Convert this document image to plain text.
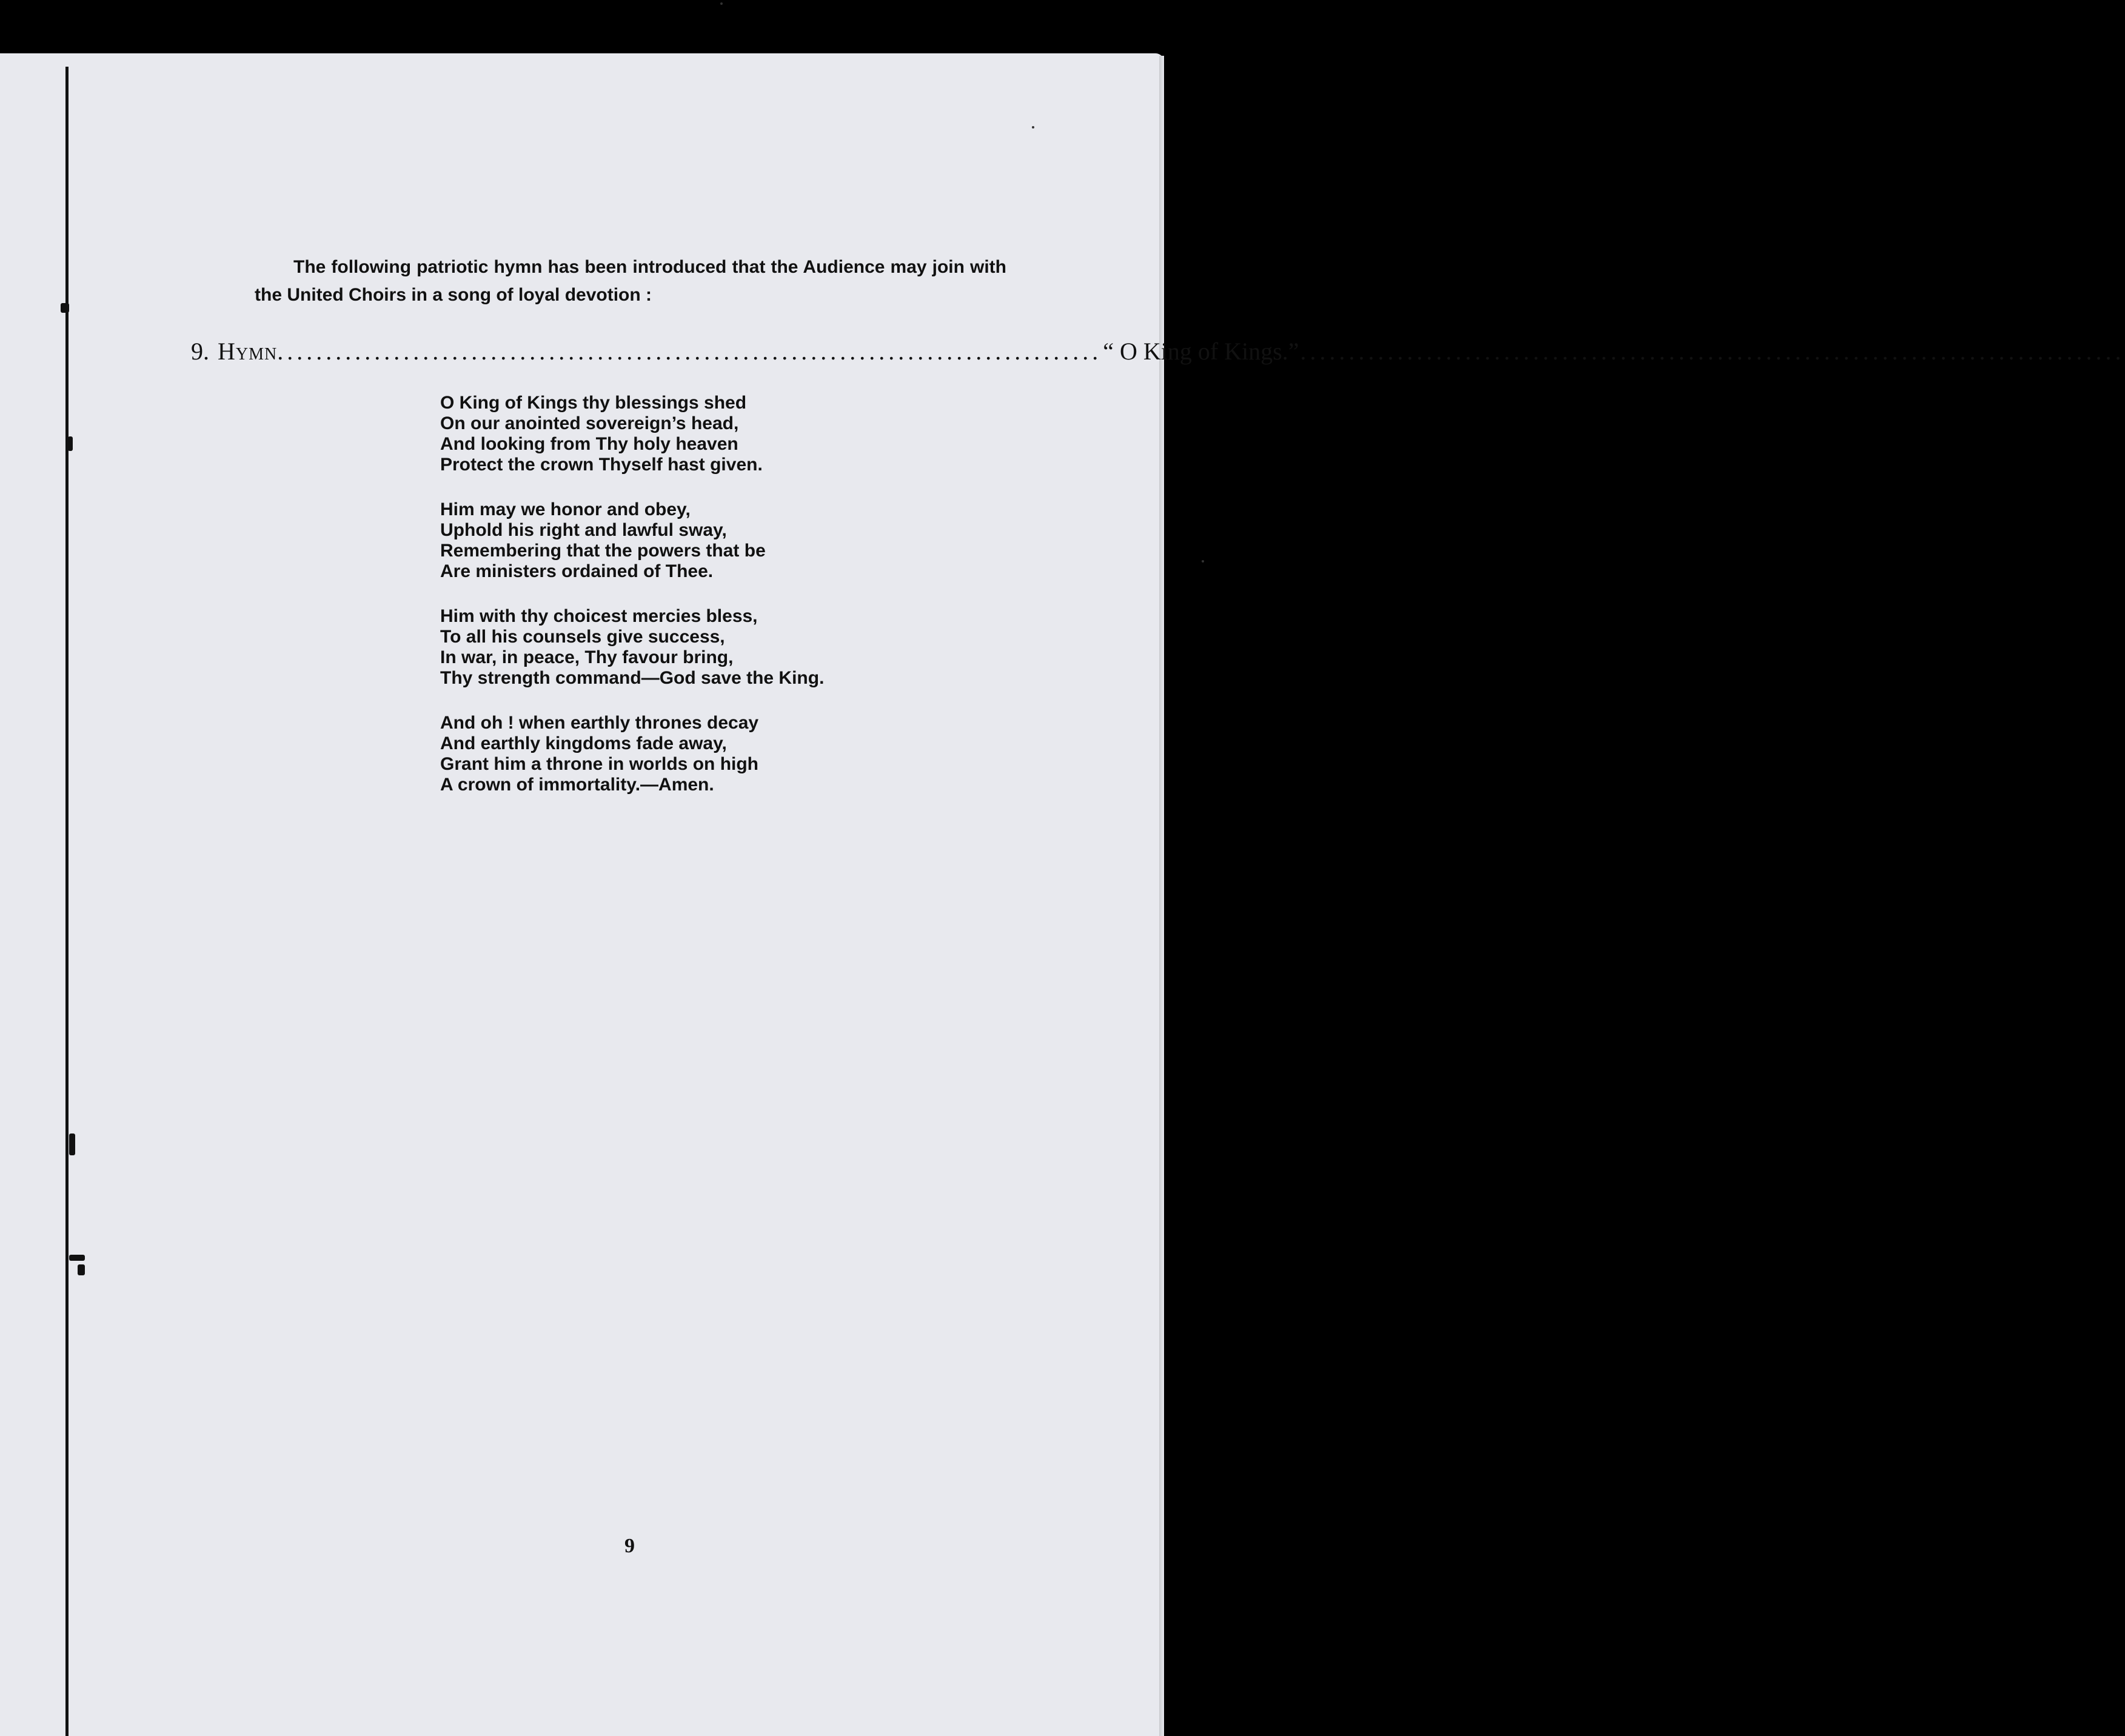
The following patriotic hymn has been introduced that the Audience may join with the United Choirs in a song of loyal devotion :

9. Hymn ..................................................................................... “ O King of Kings.” .....................................................................................
O King of Kings thy blessings shed
On our anointed sovereign’s head,
And looking from Thy holy heaven
Protect the crown Thyself hast given.
Him may we honor and obey,
Uphold his right and lawful sway,
Remembering that the powers that be
Are ministers ordained of Thee.
Him with thy choicest mercies bless,
To all his counsels give success,
In war, in peace, Thy favour bring,
Thy strength command—God save the King.
And oh ! when earthly thrones decay
And earthly kingdoms fade away,
Grant him a throne in worlds on high
A crown of immortality.—Amen.
9
